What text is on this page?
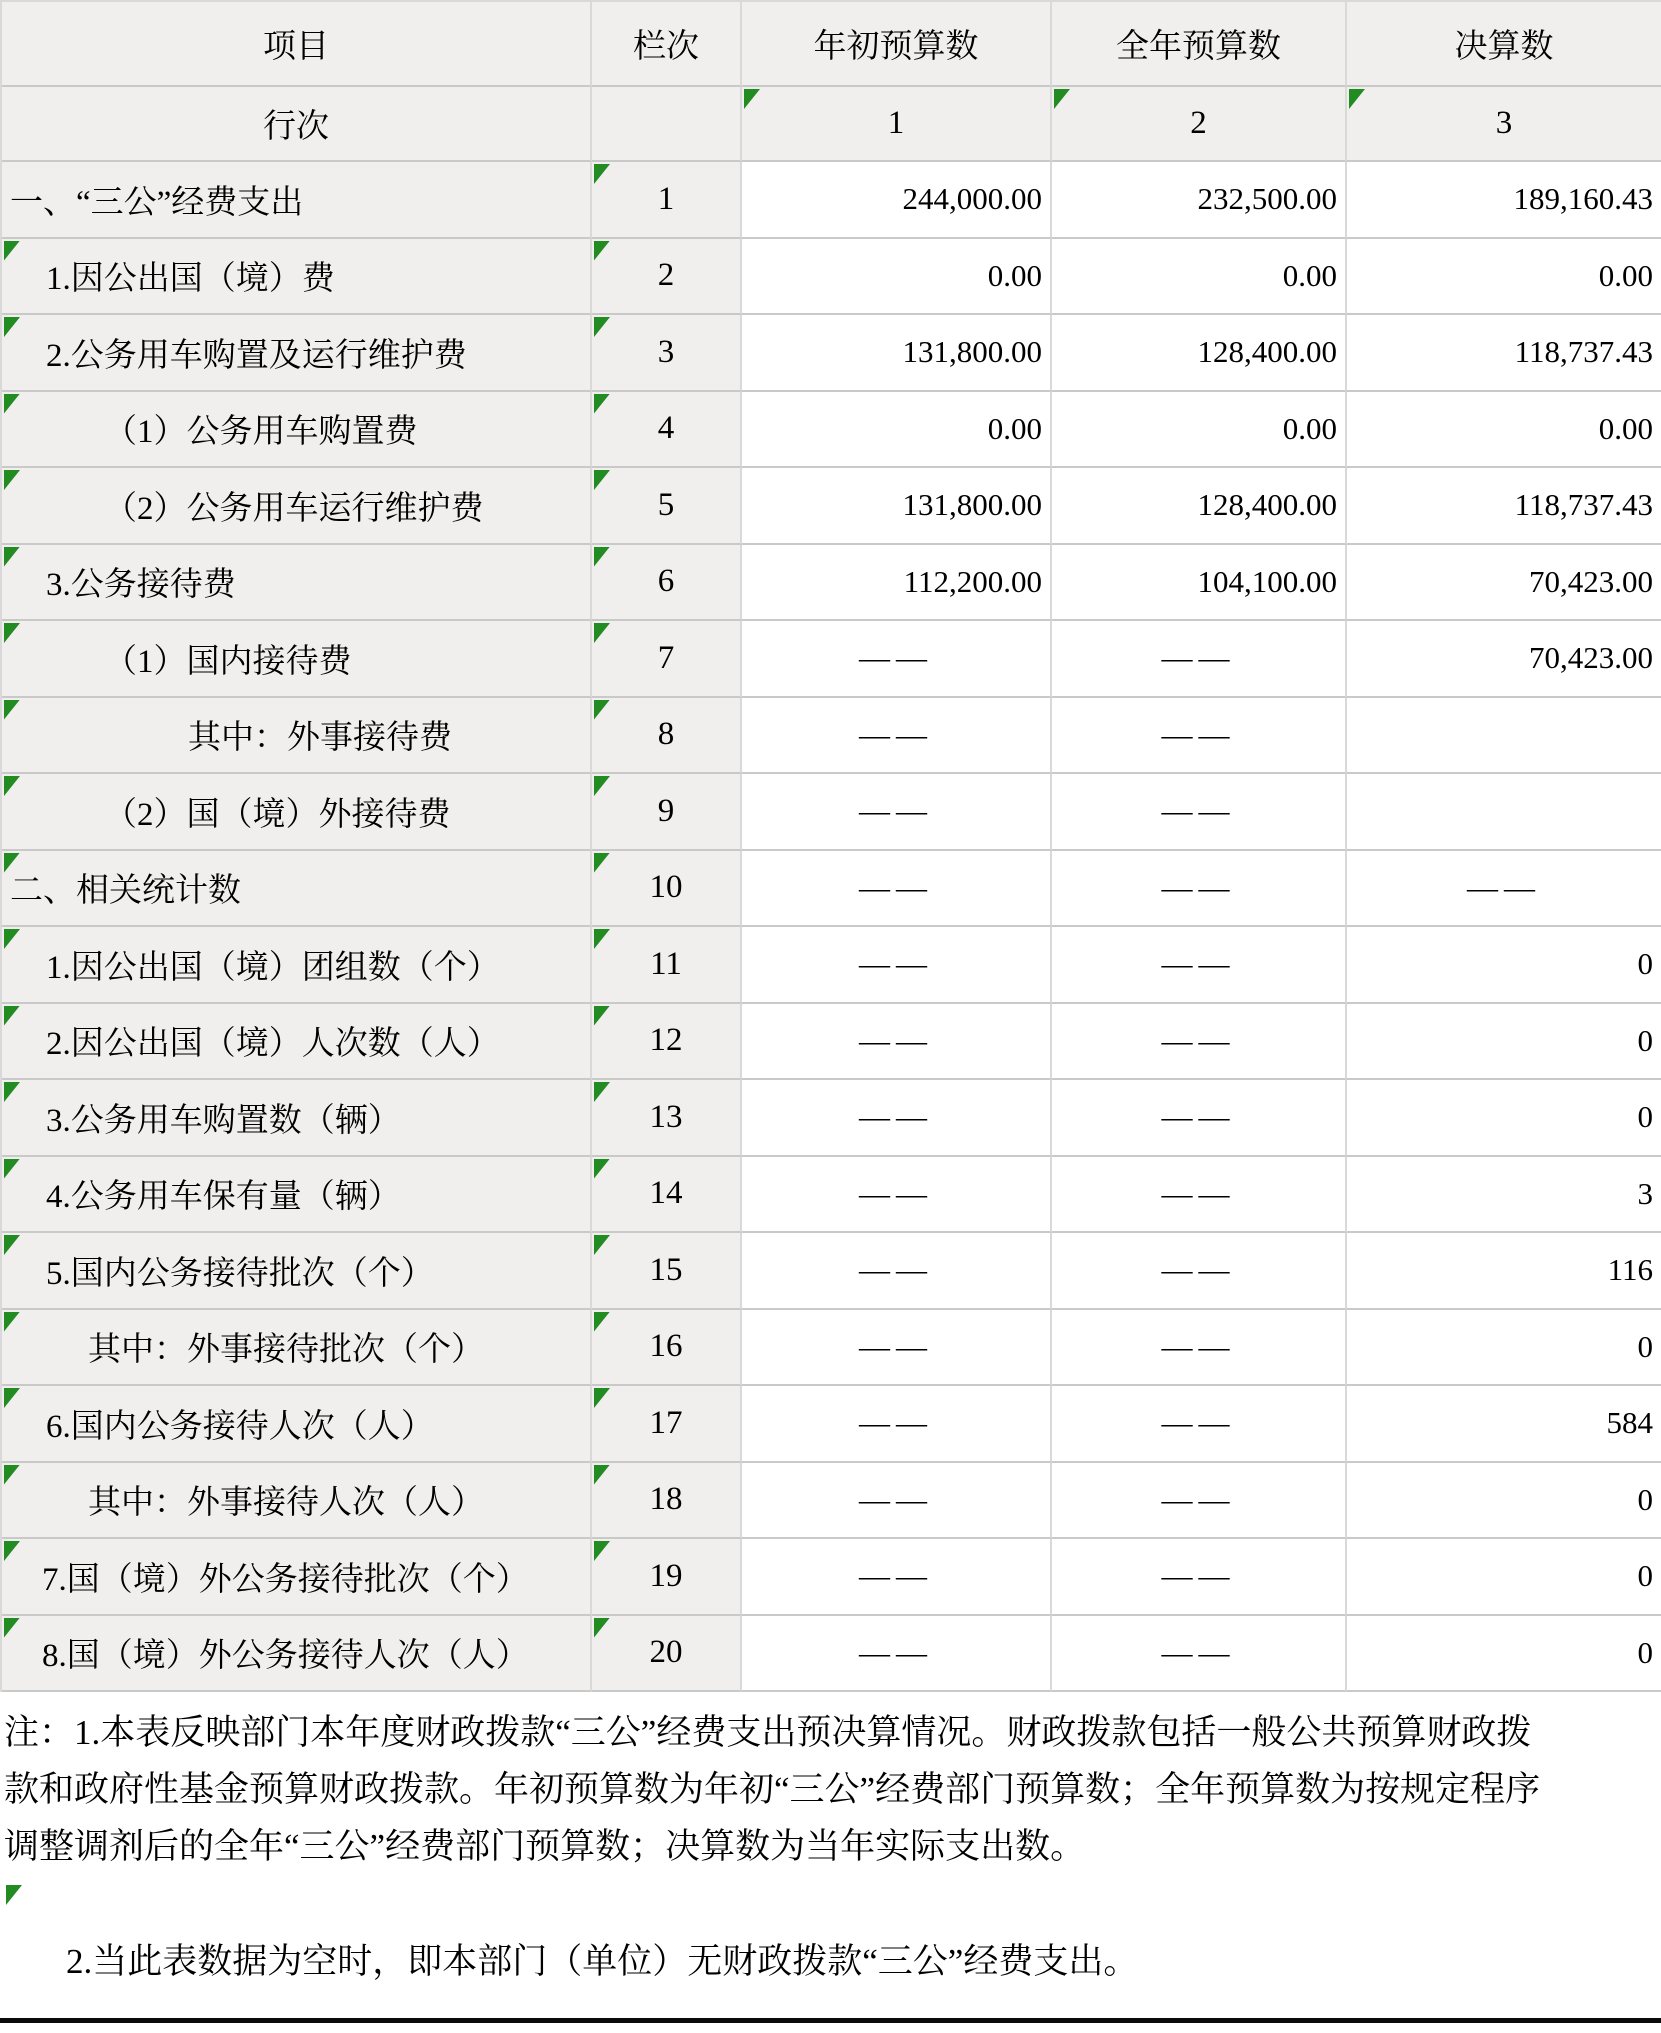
项目	栏次	年初预算数	全年预算数	决算数
行次	1	2	3
一、“三公”经费支出	1	244,000.00	232,500.00	189,160.43
1.因公出国（境）费	2	0.00	0.00	0.00
2.公务用车购置及运行维护费	3	131,800.00	128,400.00	118,737.43
（1）公务用车购置费	4	0.00	0.00	0.00
（2）公务用车运行维护费	5	131,800.00	128,400.00	118,737.43
3.公务接待费	6	112,200.00	104,100.00	70,423.00
（1）国内接待费	7	——	——	70,423.00
其中：外事接待费	8	——	——
（2）国（境）外接待费	9	——	——
二、相关统计数	10	——	——	——
1.因公出国（境）团组数（个）	11	——	——	0
2.因公出国（境）人次数（人）	12	——	——	0
3.公务用车购置数（辆）	13	——	——	0
4.公务用车保有量（辆）	14	——	——	3
5.国内公务接待批次（个）	15	——	——	116
其中：外事接待批次（个）	16	——	——	0
6.国内公务接待人次（人）	17	——	——	584
其中：外事接待人次（人）	18	——	——	0
7.国（境）外公务接待批次（个）	19	——	——	0
8.国（境）外公务接待人次（人）	20	——	——	0
注：1.本表反映部门本年度财政拨款“三公”经费支出预决算情况。财政拨款包括一般公共预算财政拨
款和政府性基金预算财政拨款。年初预算数为年初“三公”经费部门预算数；全年预算数为按规定程序
调整调剂后的全年“三公”经费部门预算数；决算数为当年实际支出数。
2.当此表数据为空时，即本部门（单位）无财政拨款“三公”经费支出。
